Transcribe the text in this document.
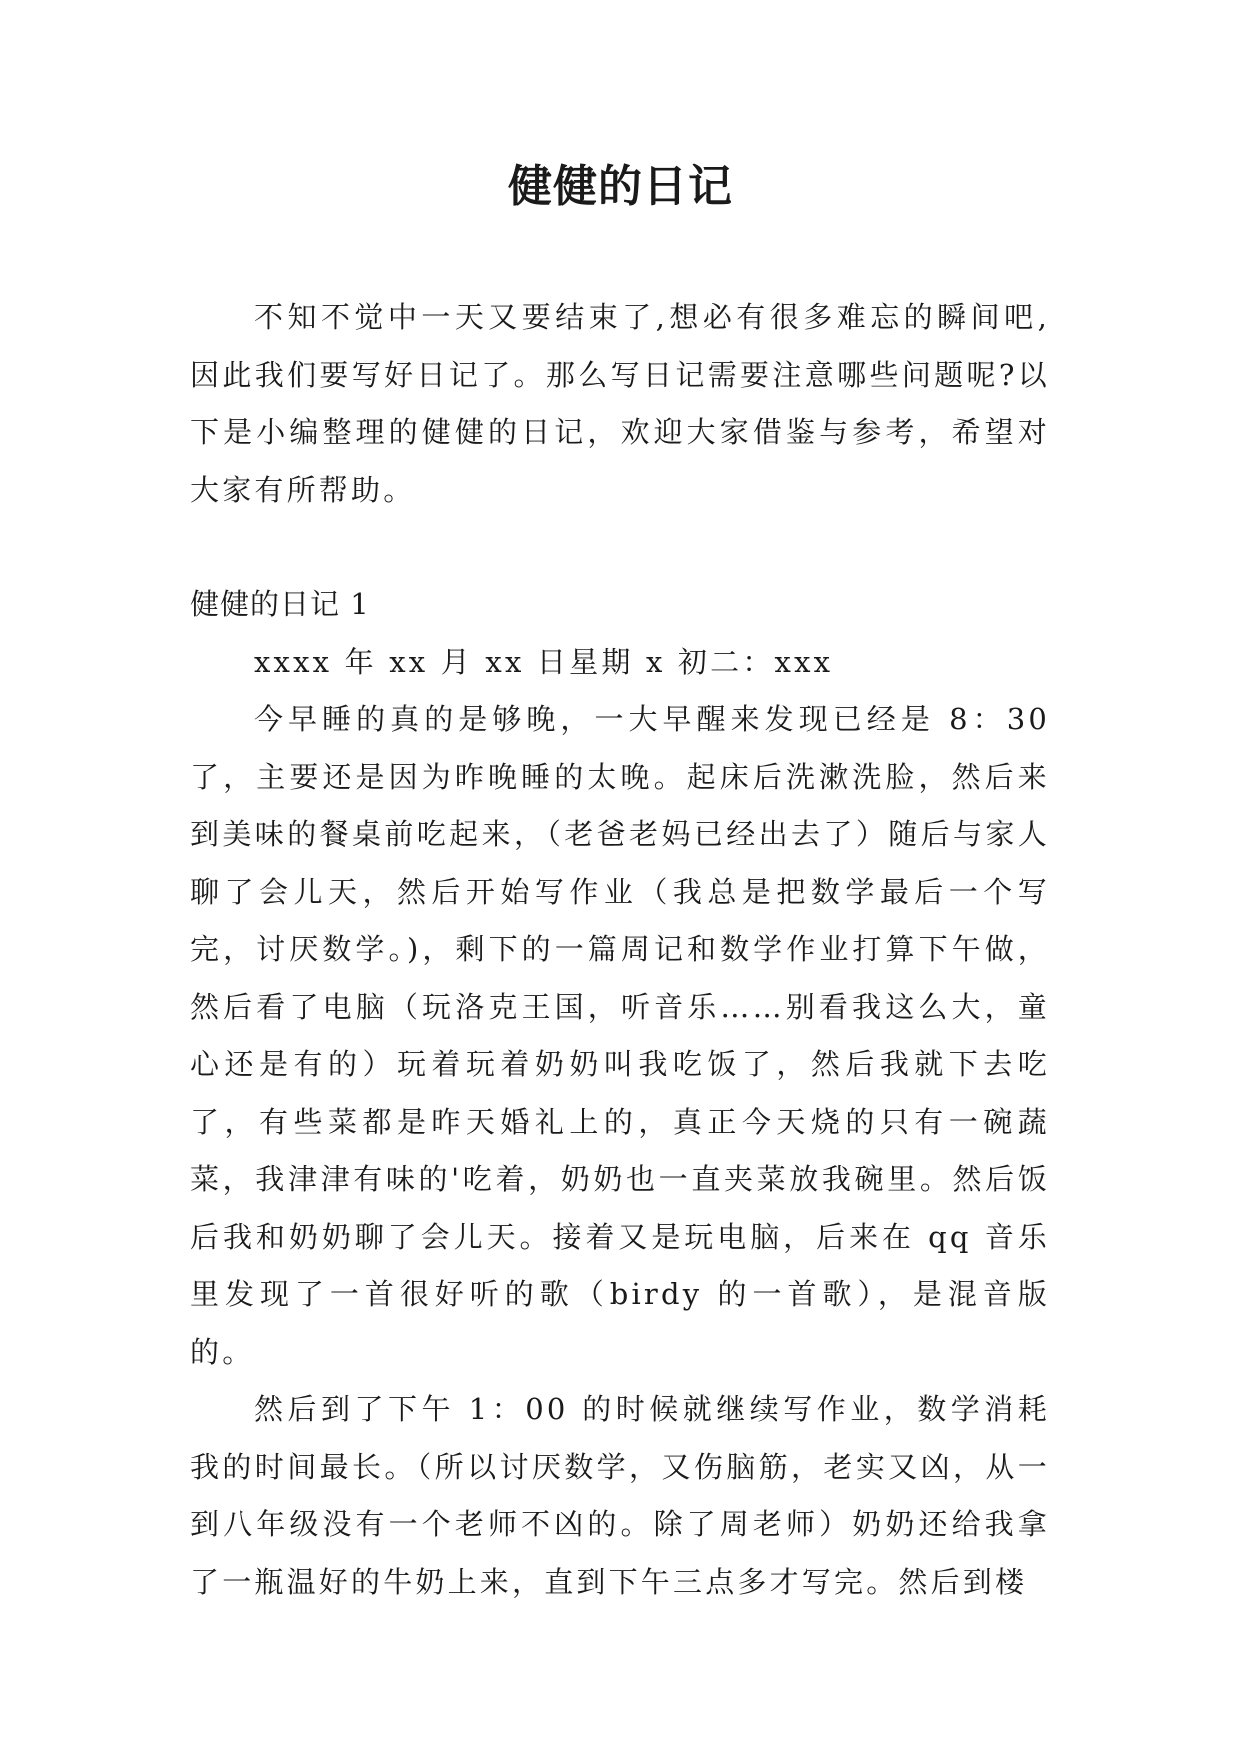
健健的日记

不知不觉中一天又要结束了,想必有很多难忘的瞬间吧,因此我们要写好日记了。那么写日记需要注意哪些问题呢?以下是小编整理的健健的日记，欢迎大家借鉴与参考，希望对大家有所帮助。

健健的日记 1

xxxx 年 xx 月 xx 日星期 x 初二：xxx

今早睡的真的是够晚，一大早醒来发现已经是 8：30 了，主要还是因为昨晚睡的太晚。起床后洗漱洗脸，然后来到美味的餐桌前吃起来，（老爸老妈已经出去了）随后与家人聊了会儿天，然后开始写作业（我总是把数学最后一个写完，讨厌数学。)，剩下的一篇周记和数学作业打算下午做，然后看了电脑（玩洛克王国，听音乐……别看我这么大，童心还是有的）玩着玩着奶奶叫我吃饭了，然后我就下去吃了，有些菜都是昨天婚礼上的，真正今天烧的只有一碗蔬菜，我津津有味的'吃着，奶奶也一直夹菜放我碗里。然后饭后我和奶奶聊了会儿天。接着又是玩电脑，后来在 qq 音乐里发现了一首很好听的歌（birdy 的一首歌），是混音版的。

然后到了下午 1：00 的时候就继续写作业，数学消耗我的时间最长。（所以讨厌数学，又伤脑筋，老实又凶，从一到八年级没有一个老师不凶的。除了周老师）奶奶还给我拿了一瓶温好的牛奶上来，直到下午三点多才写完。然后到楼
